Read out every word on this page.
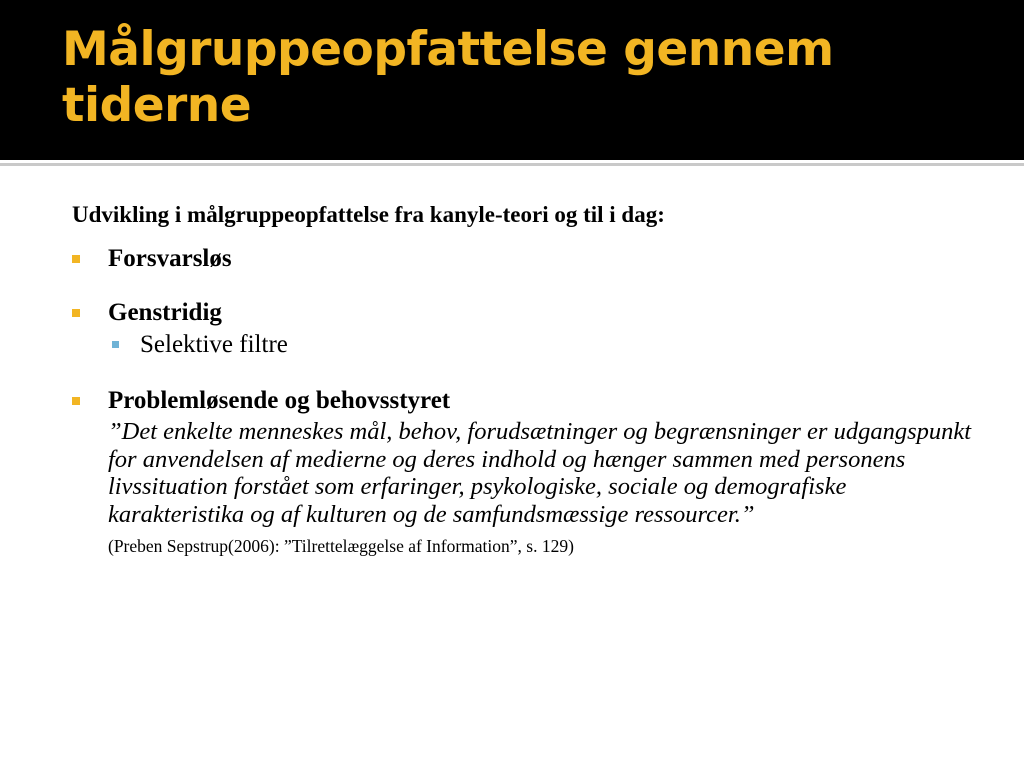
Målgruppeopfattelse gennem tiderne

Udvikling i målgruppeopfattelse fra kanyle-teori og til i dag:

Forsvarsløs
Genstridig
Selektive filtre
Problemløsende og behovsstyret
”Det enkelte menneskes mål, behov, forudsætninger og begrænsninger er udgangspunkt for anvendelsen af medierne og deres indhold og hænger sammen med personens livssituation forstået som erfaringer, psykologiske, sociale og demografiske karakteristika og af kulturen og de samfundsmæssige ressourcer.”
(Preben Sepstrup(2006): ”Tilrettelæggelse af Information”, s. 129)
